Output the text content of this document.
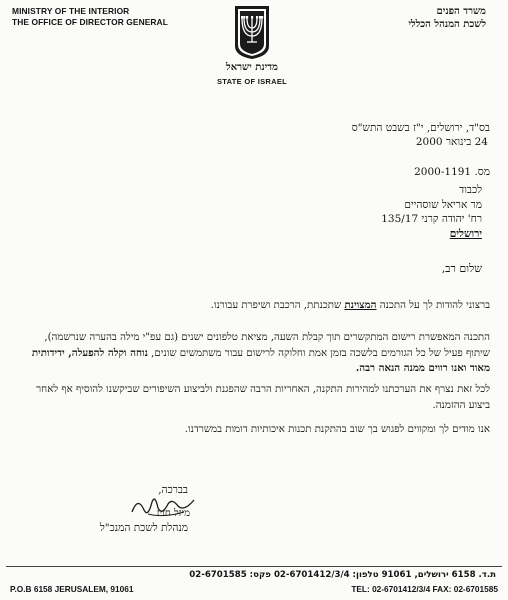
MINISTRY OF THE INTERIOR
THE OFFICE OF DIRECTOR GENERAL
משרד הפנים
לשכת המנהל הכללי
מדינת ישראל
STATE OF ISRAEL
בס"ד, ירושלים, י"ז בשבט התש"ס
24 בינואר 2000
מס. 2000-1191
לכבוד
מר אריאל שוסהיים
רח' יהודה קרני 135/17
ירושלים
שלום רב,
ברצוני להודות לך על התכנה המצוינת שתכנתת, הרכבת ושיפרת עבורנו.
התכנה המאפשרת רישום המתקשרים תוך קבלת השעה, מציאת טלפונים ישנים (גם עפ"י מילה בהערה שנרשמה), שיתוף פעיל של כל הגורמים בלשכה בזמן אמת וחלוקה לרישום עבור משתמשים שונים, נוחה וקלה להפעלה, ידידותית מאוד ואנו רווים ממנה הנאה רבה.
לכל זאת נצרף את הערכתנו למהירות התקנה, האחריות הרבה שהפגנת ולביצוע השיפורים שביקשנו להוסיף אף לאחר ביצוע ההזמנה.
אנו מודים לך ומקווים לפגוש בך שוב בהתקנת תכנות איכותיות דומות במשרדנו.
בברכה,
מיזל חזיז
מנהלת לשכת המנכ"ל
ת.ד. 6158 ירושלים, 91061 טלפון: 02-6701412/3/4 פקס: 02-6701585
P.O.B 6158 JERUSALEM, 91061	TEL: 02-6701412/3/4 FAX: 02-6701585
